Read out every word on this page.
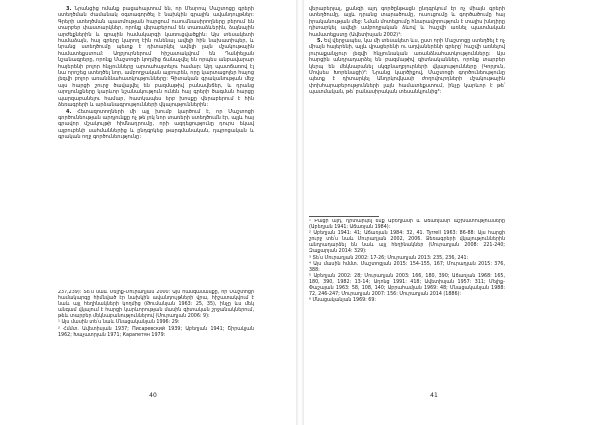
3. Նրանցից ոմանք բացահայտում են, որ Մեսրոպ Մաշտոցը գրերի ստեղծման ժամանակ օգտագործել է նախկին գրային ավանդույթներ: Գրերի ստեղծման պատմության հարցում ուսումնասիրողները բերում են տարբեր փաստարկներ, որոնք վերաբերում են տառաձևերին, ձայնային արժեքներին և գրային համակարգի կառուցվածքին: Այս տեսակետի համաձայն, հայ գրերը կարող էին ունենալ ավելի հին նախատիպեր, և նրանց ստեղծումը պետք է դիտարկել ավելի լայն մշակութային համատեքստում: Աղբյուրներում հիշատակվում են Դանիելյան նշանագրերը, որոնք Մաշտոցի կողմից ճանաչվել են որպես անբավարար հայերենի բոլոր հնչյունները արտահայտելու համար: Այդ պատճառով էլ նա որոշեց ստեղծել նոր, ամբողջական այբուբեն, որը կարտացոլեր հայոց լեզվի բոլոր առանձնահատկությունները: Գիտական գրականության մեջ այս հարցի շուրջ ծավալվել են բազմաթիվ բանավեճեր, և դրանց արդյունքները կարևոր նշանակություն ունեն հայ գրերի ծագման հարցը պարզաբանելու համար, հատկապես երբ խոսքը վերաբերում է հին ձեռագրերի և արձանագրությունների վկայություններին:

4. Հետազոտողների մի այլ խումբ կարծում է, որ Մաշտոցի գործունեության արդյունքը ոչ թե լոկ նոր տառերի ստեղծումն էր, այլև հայ գրավոր մշակույթի հիմնադրումը, որի ազդեցությունը դուրս եկավ այբուբենի սահմաններից և ընդգրկեց թարգմանական, դպրոցական և գրական ողջ գործունեությունը:

237,239): Տե՛ս նաև Մելիք-Մուրադյան 2000: Այս հանգամանքը, որ Մաշտոցի համակարգը հիմնված էր նախկին ավանդույթների վրա, հիշատակվում է նաև այլ հեղինակների կողմից (Թումանյան 1963: 25, 35), ինչը ևս մեկ անգամ վկայում է հարցի կարևորության մասին գիտական շրջանակներում, թեև տարբեր մեկնաբանություններով (Մուրադյան 2006: 9):

¹ Այս մասին տե՛ս նաև Մնացականյան 1996: 29:

² Հմմտ. Ավետիսյան 1937; Писаревский 1939; Աբեղյան 1941; Շիրակյան 1962; Խաչատրյան 1971; Карапетян 1979:

40

վերաբերյալ, քանզի այդ գործընթացն ընդգրկում էր ոչ միայն գրերի ստեղծումը, այլև դրանց տարածումը, ուսուցումը և գործածումը հայ իրականության մեջ: Նման մոտեցումը հնարավորություն է տալիս խնդիրը դիտարկել ավելի ամբողջական ձևով և հաշվի առնել պատմական համատեքստը (Ավետիսյան 2002)¹:

5. Եվ վերջապես, կա մի տեսակետ ևս, ըստ որի Մաշտոցը ստեղծել է ոչ միայն հայերենի, այլև վրացերենի ու աղվաներենի գրերը՝ հաշվի առնելով յուրաքանչյուր լեզվի հնչյունական առանձնահատկությունները: Այս հարցին անդրադարձել են բազմաթիվ գիտնականներ, որոնք տարբեր կերպ են մեկնաբանել սկզբնաղբյուրների վկայությունները (Կորյուն, Մովսես Խորենացի)²: Նրանց կարծիքով, Մաշտոցի գործունեությունը պետք է դիտարկել Անդրկովկասի ժողովուրդների մշակութային փոխհարաբերությունների լայն համատեքստում, ինչը կարևոր է թե՛ պատմական, թե՛ բանասիրական տեսանկյունից³:

¹ Բացի այդ, դիտարկել ենք Աբեղյանի և Աճառյանի աշխատությունները (Աբեղյան 1941; Աճառյան 1984):

² Աբեղյան 1941: 41; Աճառյան 1984: 32, 41. Tyrrell 1963: 86-88: Այս հարցի շուրջ տե՛ս նաև Մուրադյան 2002, 2006. Ձեռագրերի վկայություններին անդրադարձել են նաև այլ հեղինակներ (Մուրադյան 2008: 221-240; Զաքարյան 2014: 329):

³ Տե՛ս Մուրադյան 2002: 17-26; Մուրադյան 2013: 235, 236, 241:

⁴ Այս մասին հմմտ. Մաշտոցյան 2015: 154-155, 167; Մուրադյան 2015: 376, 388:

⁵ Աբեղյան 2002: 28; Մուրադյան 2003: 166, 180, 390; Աճառյան 1968: 165, 180, 390, 1982: 13-14; Ադոնց 1991: 418; Ավետիսյան 1957: 311; Մելիք-Փաշայան 1963: 58, 108, 140; Աբրահամյան 1969: 48; Մնացականյան 1988: 72, 246-247; Մուրադյան 2007: 156: Մուրադյան 2014 (1886):

⁶ Մնացականյան 1969: 69:

41
